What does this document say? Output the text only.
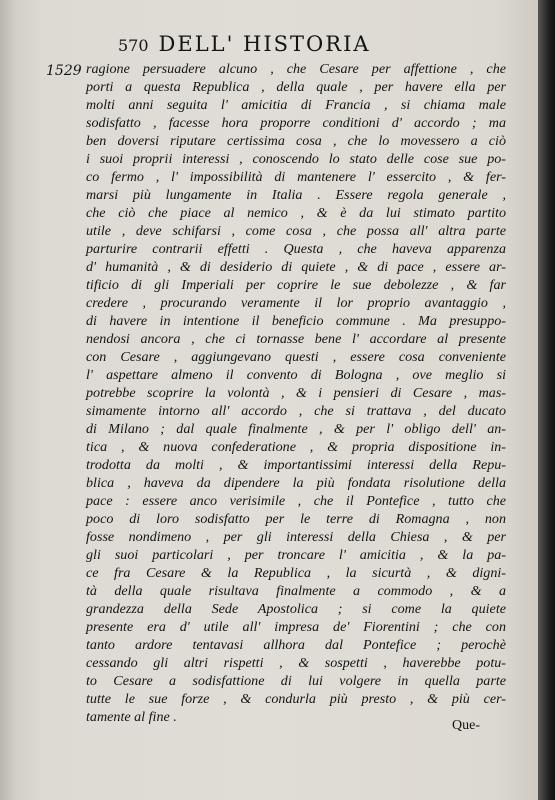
570 DELL' HISTORIA
1529 ragione persuadere alcuno , che Cesare per affettione , che
porti a questa Republica , della quale , per havere ella per
molti anni seguita l' amicitia di Francia , si chiama male
sodisfatto , facesse hora proporre conditioni d' accordo ; ma
ben doversi riputare certissima cosa , che lo movessero a ciò
i suoi proprii interessi , conoscendo lo stato delle cose sue po-
co fermo , l' impossibilità di mantenere l' essercito , & fer-
marsi più lungamente in Italia . Essere regola generale ,
che ciò che piace al nemico , & è da lui stimato partito
utile , deve schifarsi , come cosa , che possa all' altra parte
parturire contrarii effetti . Questa , che haveva apparenza
d' humanità , & di desiderio di quiete , & di pace , essere ar-
tificio di gli Imperiali per coprire le sue debolezze , & far
credere , procurando veramente il lor proprio avantaggio ,
di havere in intentione il beneficio commune . Ma presuppo-
nendosi ancora , che ci tornasse bene l' accordare al presente
con Cesare , aggiungevano questi , essere cosa conveniente
l' aspettare almeno il convento di Bologna , ove meglio si
potrebbe scoprire la volontà , & i pensieri di Cesare , mas-
simamente intorno all' accordo , che si trattava , del ducato
di Milano ; dal quale finalmente , & per l' obligo dell' an-
tica , & nuova confederatione , & propria dispositione in-
trodotta da molti , & importantissimi interessi della Repu-
blica , haveva da dipendere la più fondata risolutione della
pace : essere anco verisimile , che il Pontefice , tutto che
poco di loro sodisfatto per le terre di Romagna , non
fosse nondimeno , per gli interessi della Chiesa , & per
gli suoi particolari , per troncare l' amicitia , & la pa-
ce fra Cesare & la Republica , la sicurtà , & digni-
tà della quale risultava finalmente a commodo , & a
grandezza della Sede Apostolica ; si come la quiete
presente era d' utile all' impresa de' Fiorentini ; che con
tanto ardore tentavasi allhora dal Pontefice ; perochè
cessando gli altri rispetti , & sospetti , haverebbe potu-
to Cesare a sodisfattione di lui volgere in quella parte
tutte le sue forze , & condurla più presto , & più cer-
tamente al fine .
Que-
